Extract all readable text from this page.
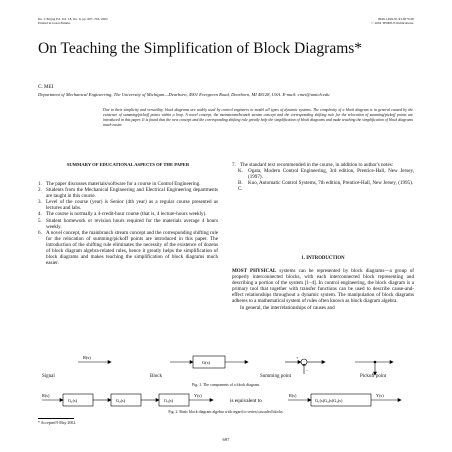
Int. J. Engng Ed. Vol. 18, No. 6, pp. 697–703, 2002
Printed in Great Britain.
0949-149X/91 $3.00+0.00
© 2002 TEMPUS Publications.
On Teaching the Simplification of Block Diagrams*
C. MEI
Department of Mechanical Engineering, The University of Michigan—Dearborn, 4901 Evergreen Road, Dearborn, MI 48128, USA. E-mail: cmei@umich.edu
Due to their simplicity and versatility, block diagrams are widely used by control engineers to model all types of dynamic systems. The complexity of a block diagram is in general caused by the existence of summing/pickoff points within a loop. A novel concept, the mainstream/branch stream concept and the corresponding shifting rule for the relocation of summing/pickoff points are introduced in this paper. It is found that the new concept and the corresponding shifting rule greatly help the simplification of block diagrams and make teaching the simplification of block diagrams much easier.
SUMMARY OF EDUCATIONAL ASPECTS OF THE PAPER
1. The paper discusses materials/software for a course in Control Engineering.
2. Students from the Mechanical Engineering and Electrical Engineering departments are taught in this course.
3. Level of the course (year) is Senior (4th year) as a regular course presented as lectures and labs.
4. The course is normally a 4-credit-hour course (that is, 4 lecture-hours weekly).
5. Student homework or revision hours required for the materials average 4 hours weekly.
6. A novel concept, the mainbranch stream concept and the corresponding shifting rule for the relocation of summing/pickoff points are introduced in this paper. The introduction of the shifting rule eliminates the necessity of the existence of dozens of block diagram algebra-related rules, hence it greatly helps the simplification of block diagrams and makes teaching the simplification of block diagrams much easier.
7. The standard text recommended in the course, in addition to author's notes:
K. Ogata, Modern Control Engineering, 3rd edition, Prentice-Hall, New Jersey, (1997).
B. C.
Kuo, Automatic Control Systems, 7th edition, Prentice-Hall, New Jersey, (1995).
1. INTRODUCTION
MOST PHYSICAL systems can be represented by block diagrams—a group of properly interconnected blocks, with each interconnected block representing and describing a portion of the system [1–4]. In control engineering, the block diagram is a primary tool that together with transfer functions can be used to describe cause-and-effect relationships throughout a dynamic system. The manipulation of block diagrams adheres to a mathematical system of rules often known as block diagram algebra.
In general, the interrelationships of causes and
R(s)
G(s)
+
−
Signal	Block	Summing point	Pickoff point
Fig. 1. The components of a block diagram.
R(s)
G₁(s)	G₂(s)	G₃(s)
Y(s)
is equivalent to
R(s)
G₁(s)G₂(s)G₃(s)
Y(s)
Fig. 2. Basic block diagram algebra with regard to series/cascaded blocks.
* Accepted 9 May 2002.
697
